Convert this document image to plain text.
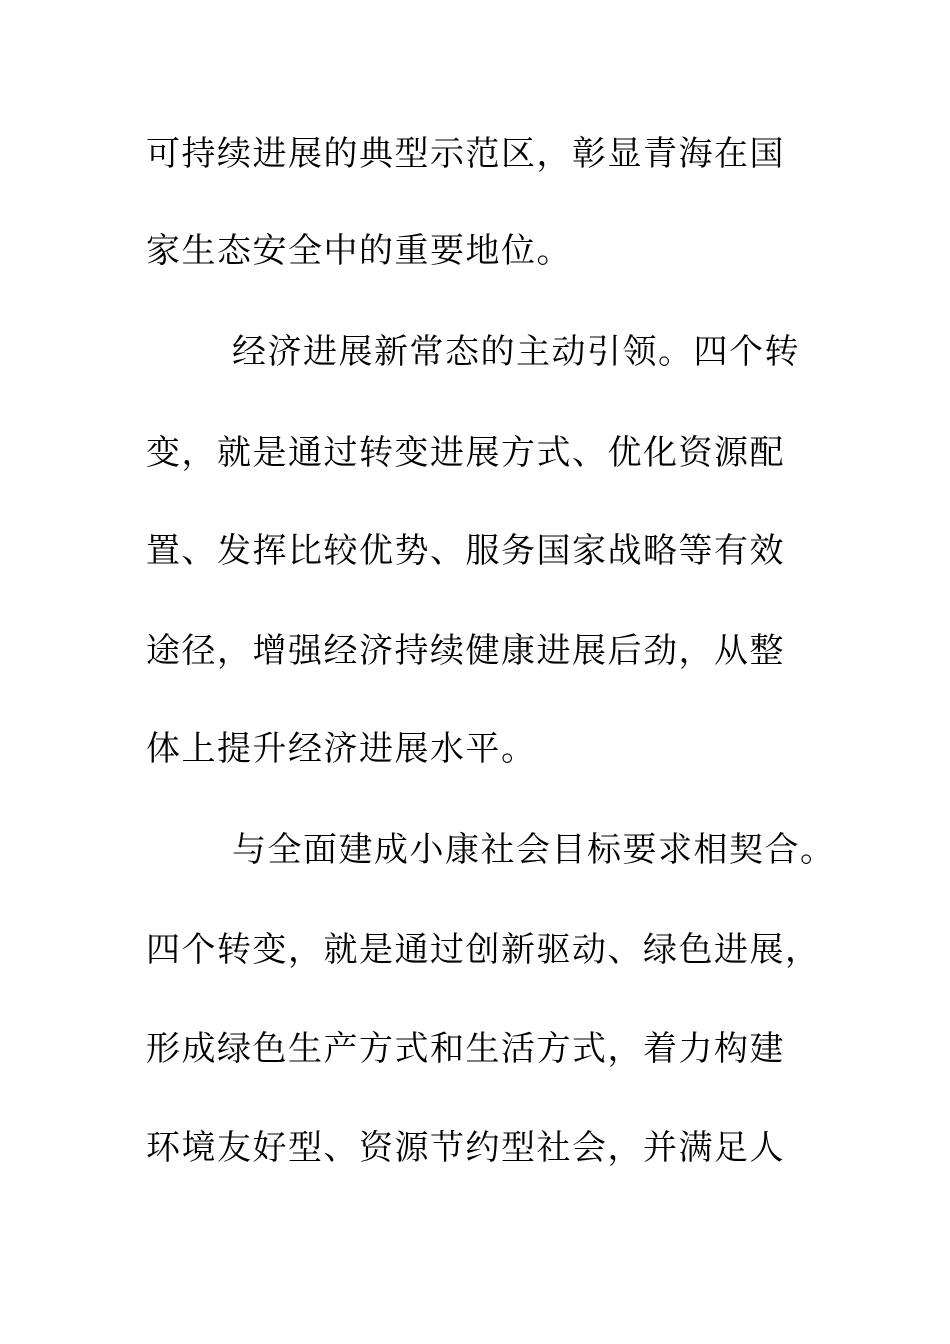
可持续进展的典型示范区，彰显青海在国
家生态安全中的重要地位。
经济进展新常态的主动引领。四个转
变，就是通过转变进展方式、优化资源配
置、发挥比较优势、服务国家战略等有效
途径，增强经济持续健康进展后劲，从整
体上提升经济进展水平。
与全面建成小康社会目标要求相契合。
四个转变，就是通过创新驱动、绿色进展，
形成绿色生产方式和生活方式，着力构建
环境友好型、资源节约型社会，并满足人
